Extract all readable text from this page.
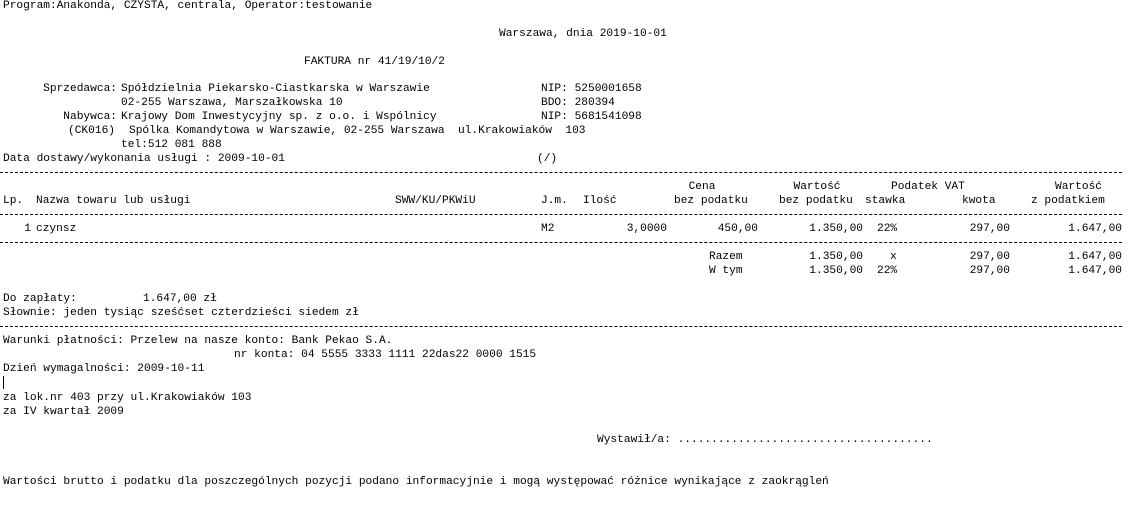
Program:Anakonda, CZYSTA, centrala, Operator:testowanie
Warszawa, dnia 2019-10-01
FAKTURA nr 41/19/10/2
Sprzedawca: Spółdzielnia Piekarsko-Ciastkarska w Warszawie	NIP: 5250001658
02-255 Warszawa, Marszałkowska 10	BDO: 280394
Nabywca: Krajowy Dom Inwestycyjny sp. z o.o. i Wspólnicy	NIP: 5681541098
(CK016) Spólka Komandytowa w Warszawie, 02-255 Warszawa  ul.Krakowiaków  103
tel:512 081 888
Data dostawy/wykonania usługi : 2009-10-01	(/)
Cena	Wartość	Podatek VAT	Wartość
Lp. Nazwa towaru lub usługi	SWW/KU/PKWiU	J.m. Ilość	bez podatku	bez podatku stawka	kwota	z podatkiem
1 czynsz	M2	3,0000	450,00	1.350,00 22%	297,00	1.647,00
Razem	1.350,00 x	297,00	1.647,00
W tym	1.350,00 22%	297,00	1.647,00
Do zapłaty:	1.647,00 zł
Słownie: jeden tysiąc sześćset czterdzieści siedem zł
Warunki płatności: Przelew na nasze konto: Bank Pekao S.A.
nr konta: 04 5555 3333 1111 22das22 0000 1515
Dzień wymagalności: 2009-10-11
za lok.nr 403 przy ul.Krakowiaków 103
za IV kwartał 2009
Wystawił/a: ......................................
Wartości brutto i podatku dla poszczególnych pozycji podano informacyjnie i mogą występować różnice wynikające z zaokrągleń
